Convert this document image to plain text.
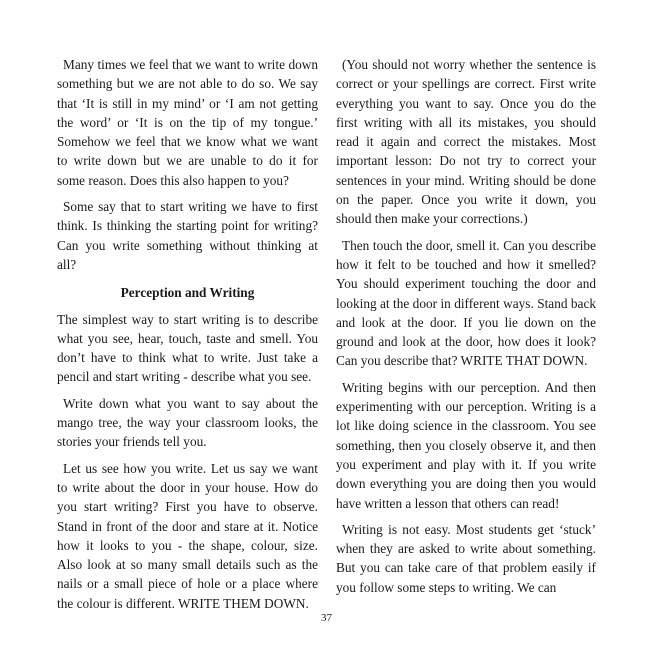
Many times we feel that we want to write down something but we are not able to do so. We say that ‘It is still in my mind’ or ‘I am not getting the word’ or ‘It is on the tip of my tongue.’ Somehow we feel that we know what we want to write down but we are unable to do it for some reason. Does this also happen to you?

Some say that to start writing we have to first think. Is thinking the starting point for writing? Can you write something without thinking at all?

Perception and Writing

The simplest way to start writing is to describe what you see, hear, touch, taste and smell. You don’t have to think what to write. Just take a pencil and start writing - describe what you see.

Write down what you want to say about the mango tree, the way your classroom looks, the stories your friends tell you.

Let us see how you write. Let us say we want to write about the door in your house. How do you start writing? First you have to observe. Stand in front of the door and stare at it. Notice how it looks to you - the shape, colour, size. Also look at so many small details such as the nails or a small piece of hole or a place where the colour is different. WRITE THEM DOWN.

(You should not worry whether the sentence is correct or your spellings are correct. First write everything you want to say. Once you do the first writing with all its mistakes, you should read it again and correct the mistakes. Most important lesson: Do not try to correct your sentences in your mind. Writing should be done on the paper. Once you write it down, you should then make your corrections.)

Then touch the door, smell it. Can you describe how it felt to be touched and how it smelled? You should experiment touching the door and looking at the door in different ways. Stand back and look at the door. If you lie down on the ground and look at the door, how does it look? Can you describe that? WRITE THAT DOWN.

Writing begins with our perception. And then experimenting with our perception. Writing is a lot like doing science in the classroom. You see something, then you closely observe it, and then you experiment and play with it. If you write down everything you are doing then you would have written a lesson that others can read!

Writing is not easy. Most students get ‘stuck’ when they are asked to write about something. But you can take care of that problem easily if you follow some steps to writing. We can

37
